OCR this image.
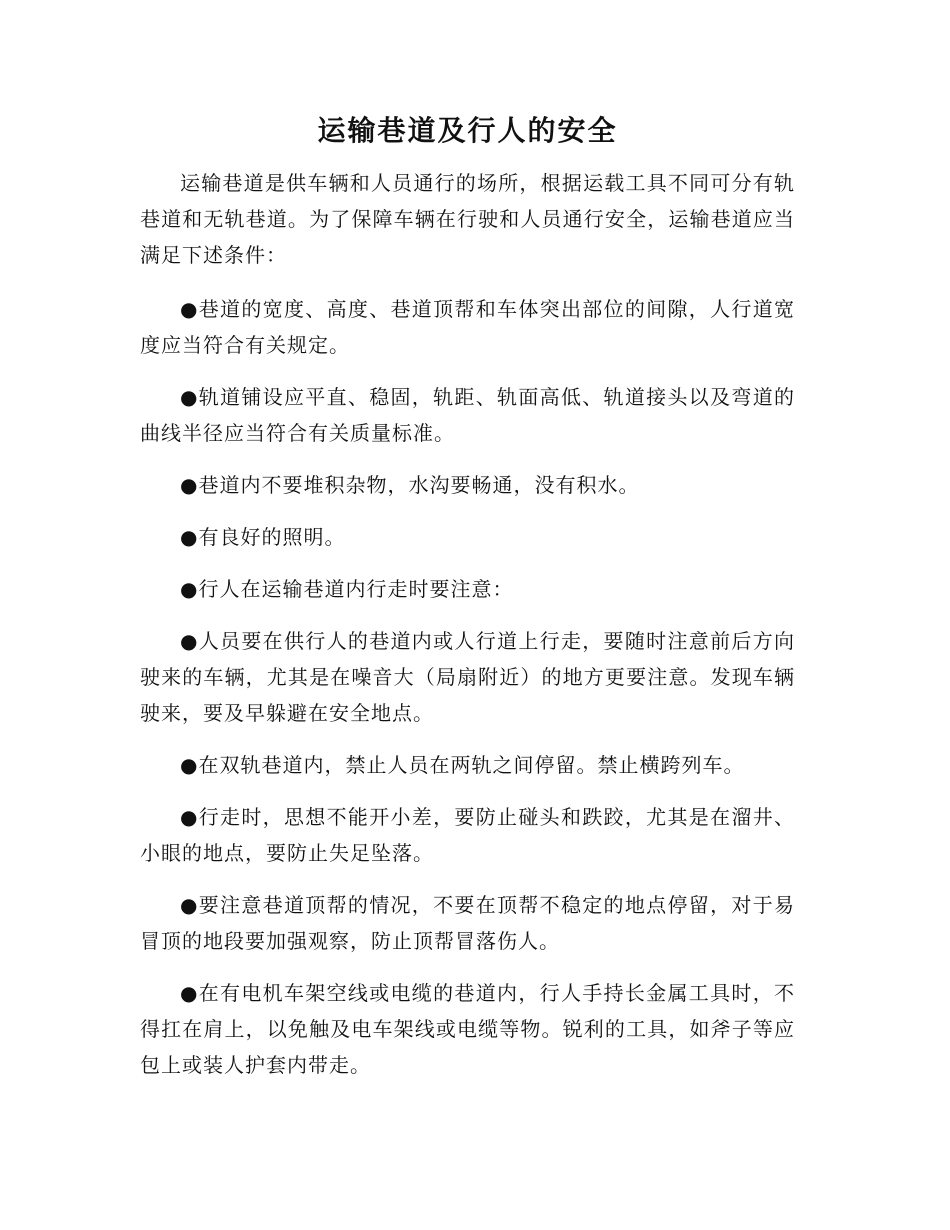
运输巷道及行人的安全

运输巷道是供车辆和人员通行的场所，根据运载工具不同可分有轨巷道和无轨巷道。为了保障车辆在行驶和人员通行安全，运输巷道应当满足下述条件：

●巷道的宽度、高度、巷道顶帮和车体突出部位的间隙，人行道宽度应当符合有关规定。

●轨道铺设应平直、稳固，轨距、轨面高低、轨道接头以及弯道的曲线半径应当符合有关质量标准。

●巷道内不要堆积杂物，水沟要畅通，没有积水。

●有良好的照明。

●行人在运输巷道内行走时要注意：

●人员要在供行人的巷道内或人行道上行走，要随时注意前后方向驶来的车辆，尤其是在噪音大（局扇附近）的地方更要注意。发现车辆驶来，要及早躲避在安全地点。

●在双轨巷道内，禁止人员在两轨之间停留。禁止横跨列车。

●行走时，思想不能开小差，要防止碰头和跌跤，尤其是在溜井、小眼的地点，要防止失足坠落。

●要注意巷道顶帮的情况，不要在顶帮不稳定的地点停留，对于易冒顶的地段要加强观察，防止顶帮冒落伤人。

●在有电机车架空线或电缆的巷道内，行人手持长金属工具时，不得扛在肩上，以免触及电车架线或电缆等物。锐利的工具，如斧子等应包上或装人护套内带走。
